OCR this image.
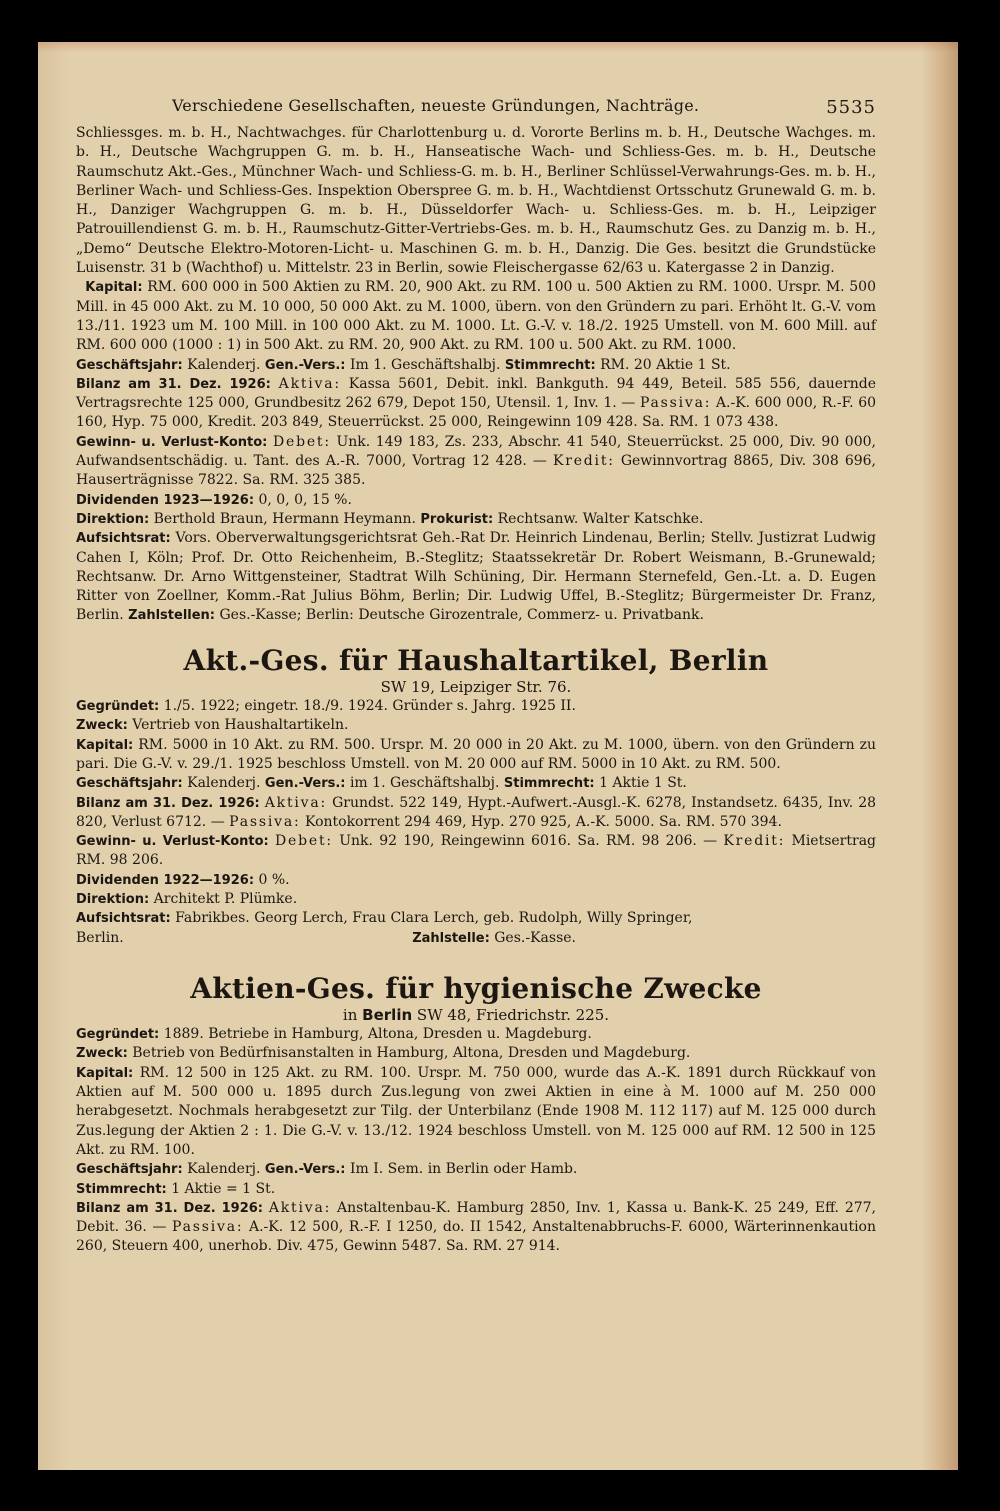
Verschiedene Gesellschaften, neueste Gründungen, Nachträge.	5535

Schliessges. m. b. H., Nachtwachges. für Charlottenburg u. d. Vororte Berlins m. b. H., Deutsche Wachges. m. b. H., Deutsche Wachgruppen G. m. b. H., Hanseatische Wach- und Schliess-Ges. m. b. H., Deutsche Raumschutz Akt.-Ges., Münchner Wach- und Schliess-G. m. b. H., Berliner Schlüssel-Verwahrungs-Ges. m. b. H., Berliner Wach- und Schliess-Ges. Inspektion Oberspree G. m. b. H., Wachtdienst Ortsschutz Grunewald G. m. b. H., Danziger Wachgruppen G. m. b. H., Düsseldorfer Wach- u. Schliess-Ges. m. b. H., Leipziger Patrouillendienst G. m. b. H., Raumschutz-Gitter-Vertriebs-Ges. m. b. H., Raumschutz Ges. zu Danzig m. b. H., „Demo“ Deutsche Elektro-Motoren-Licht- u. Maschinen G. m. b. H., Danzig. Die Ges. besitzt die Grundstücke Luisenstr. 31 b (Wachthof) u. Mittelstr. 23 in Berlin, sowie Fleischergasse 62/63 u. Katergasse 2 in Danzig.

Kapital: RM. 600 000 in 500 Aktien zu RM. 20, 900 Akt. zu RM. 100 u. 500 Aktien zu RM. 1000. Urspr. M. 500 Mill. in 45 000 Akt. zu M. 10 000, 50 000 Akt. zu M. 1000, übern. von den Gründern zu pari. Erhöht lt. G.-V. vom 13./11. 1923 um M. 100 Mill. in 100 000 Akt. zu M. 1000. Lt. G.-V. v. 18./2. 1925 Umstell. von M. 600 Mill. auf RM. 600 000 (1000 : 1) in 500 Akt. zu RM. 20, 900 Akt. zu RM. 100 u. 500 Akt. zu RM. 1000.

Geschäftsjahr: Kalenderj. Gen.-Vers.: Im 1. Geschäftshalbj. Stimmrecht: RM. 20 Aktie 1 St.

Bilanz am 31. Dez. 1926: Aktiva: Kassa 5601, Debit. inkl. Bankguth. 94 449, Beteil. 585 556, dauernde Vertragsrechte 125 000, Grundbesitz 262 679, Depot 150, Utensil. 1, Inv. 1. — Passiva: A.-K. 600 000, R.-F. 60 160, Hyp. 75 000, Kredit. 203 849, Steuerrückst. 25 000, Reingewinn 109 428. Sa. RM. 1 073 438.

Gewinn- u. Verlust-Konto: Debet: Unk. 149 183, Zs. 233, Abschr. 41 540, Steuerrückst. 25 000, Div. 90 000, Aufwandsentschädig. u. Tant. des A.-R. 7000, Vortrag 12 428. — Kredit: Gewinnvortrag 8865, Div. 308 696, Hauserträgnisse 7822. Sa. RM. 325 385.

Dividenden 1923—1926: 0, 0, 0, 15 %.

Direktion: Berthold Braun, Hermann Heymann. Prokurist: Rechtsanw. Walter Katschke.

Aufsichtsrat: Vors. Oberverwaltungsgerichtsrat Geh.-Rat Dr. Heinrich Lindenau, Berlin; Stellv. Justizrat Ludwig Cahen I, Köln; Prof. Dr. Otto Reichenheim, B.-Steglitz; Staatssekretär Dr. Robert Weismann, B.-Grunewald; Rechtsanw. Dr. Arno Wittgensteiner, Stadtrat Wilh Schüning, Dir. Hermann Sternefeld, Gen.-Lt. a. D. Eugen Ritter von Zoellner, Komm.-Rat Julius Böhm, Berlin; Dir. Ludwig Uffel, B.-Steglitz; Bürgermeister Dr. Franz, Berlin. Zahlstellen: Ges.-Kasse; Berlin: Deutsche Girozentrale, Commerz- u. Privatbank.

Akt.-Ges. für Haushaltartikel, Berlin
SW 19, Leipziger Str. 76.

Gegründet: 1./5. 1922; eingetr. 18./9. 1924. Gründer s. Jahrg. 1925 II.

Zweck: Vertrieb von Haushaltartikeln.

Kapital: RM. 5000 in 10 Akt. zu RM. 500. Urspr. M. 20 000 in 20 Akt. zu M. 1000, übern. von den Gründern zu pari. Die G.-V. v. 29./1. 1925 beschloss Umstell. von M. 20 000 auf RM. 5000 in 10 Akt. zu RM. 500.

Geschäftsjahr: Kalenderj. Gen.-Vers.: im 1. Geschäftshalbj. Stimmrecht: 1 Aktie 1 St.

Bilanz am 31. Dez. 1926: Aktiva: Grundst. 522 149, Hypt.-Aufwert.-Ausgl.-K. 6278, Instandsetz. 6435, Inv. 28 820, Verlust 6712. — Passiva: Kontokorrent 294 469, Hyp. 270 925, A.-K. 5000. Sa. RM. 570 394.

Gewinn- u. Verlust-Konto: Debet: Unk. 92 190, Reingewinn 6016. Sa. RM. 98 206. — Kredit: Mietsertrag RM. 98 206.

Dividenden 1922—1926: 0 %.

Direktion: Architekt P. Plümke.

Aufsichtsrat: Fabrikbes. Georg Lerch, Frau Clara Lerch, geb. Rudolph, Willy Springer,

Berlin.	Zahlstelle: Ges.-Kasse.
Aktien-Ges. für hygienische Zwecke
in Berlin SW 48, Friedrichstr. 225.

Gegründet: 1889. Betriebe in Hamburg, Altona, Dresden u. Magdeburg.

Zweck: Betrieb von Bedürfnisanstalten in Hamburg, Altona, Dresden und Magdeburg.

Kapital: RM. 12 500 in 125 Akt. zu RM. 100. Urspr. M. 750 000, wurde das A.-K. 1891 durch Rückkauf von Aktien auf M. 500 000 u. 1895 durch Zus.legung von zwei Aktien in eine à M. 1000 auf M. 250 000 herabgesetzt. Nochmals herabgesetzt zur Tilg. der Unterbilanz (Ende 1908 M. 112 117) auf M. 125 000 durch Zus.legung der Aktien 2 : 1. Die G.-V. v. 13./12. 1924 beschloss Umstell. von M. 125 000 auf RM. 12 500 in 125 Akt. zu RM. 100.

Geschäftsjahr: Kalenderj. Gen.-Vers.: Im I. Sem. in Berlin oder Hamb.

Stimmrecht: 1 Aktie = 1 St.

Bilanz am 31. Dez. 1926: Aktiva: Anstaltenbau-K. Hamburg 2850, Inv. 1, Kassa u. Bank-K. 25 249, Eff. 277, Debit. 36. — Passiva: A.-K. 12 500, R.-F. I 1250, do. II 1542, Anstaltenabbruchs-F. 6000, Wärterinnenkaution 260, Steuern 400, unerhob. Div. 475, Gewinn 5487. Sa. RM. 27 914.
